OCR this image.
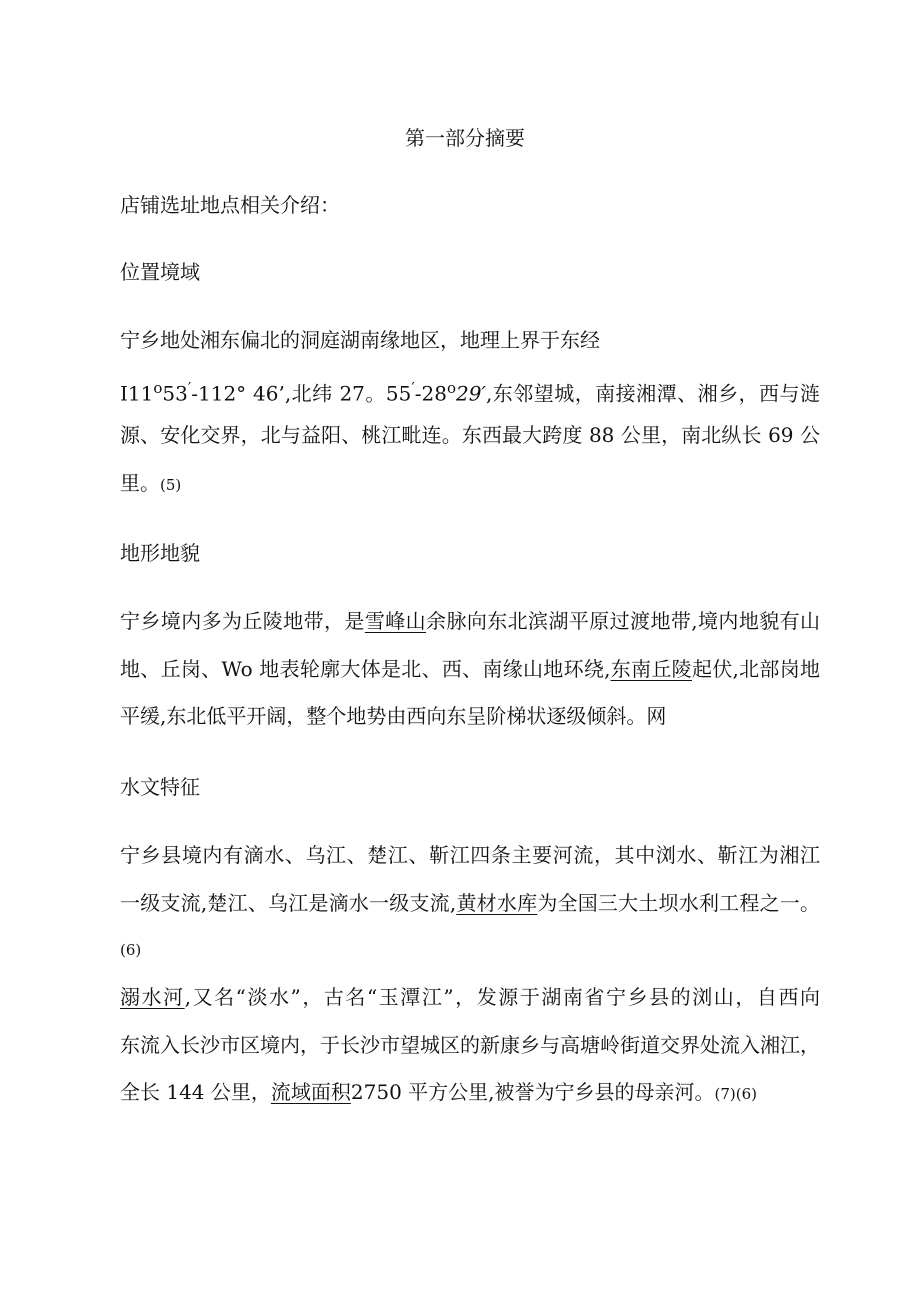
第一部分摘要
店铺选址地点相关介绍：
位置境域
宁乡地处湘东偏北的洞庭湖南缘地区，地理上界于东经
I11$^o$53′-112° 46’,北纬 27。55′-28$^o$29′,东邻望城，南接湘潭、湘乡，西与涟
源、安化交界，北与益阳、桃江毗连。东西最大跨度 88 公里，南北纵长 69 公
里。(5)
地形地貌
宁乡境内多为丘陵地带，是雪峰山余脉向东北滨湖平原过渡地带,境内地貌有山
地、丘岗、Wo 地表轮廓大体是北、西、南缘山地环绕,东南丘陵起伏,北部岗地
平缓,东北低平开阔，整个地势由西向东呈阶梯状逐级倾斜。网
水文特征
宁乡县境内有滴水、乌江、楚江、靳江四条主要河流，其中浏水、靳江为湘江
一级支流,楚江、乌江是滴水一级支流,黄材水库为全国三大土坝水利工程之一。
(6)
溺水河,又名“淡水”，古名“玉潭江”，发源于湖南省宁乡县的浏山，自西向
东流入长沙市区境内，于长沙市望城区的新康乡与高塘岭街道交界处流入湘江，
全长 144 公里，流域面积2750 平方公里,被誉为宁乡县的母亲河。(7)(6)
